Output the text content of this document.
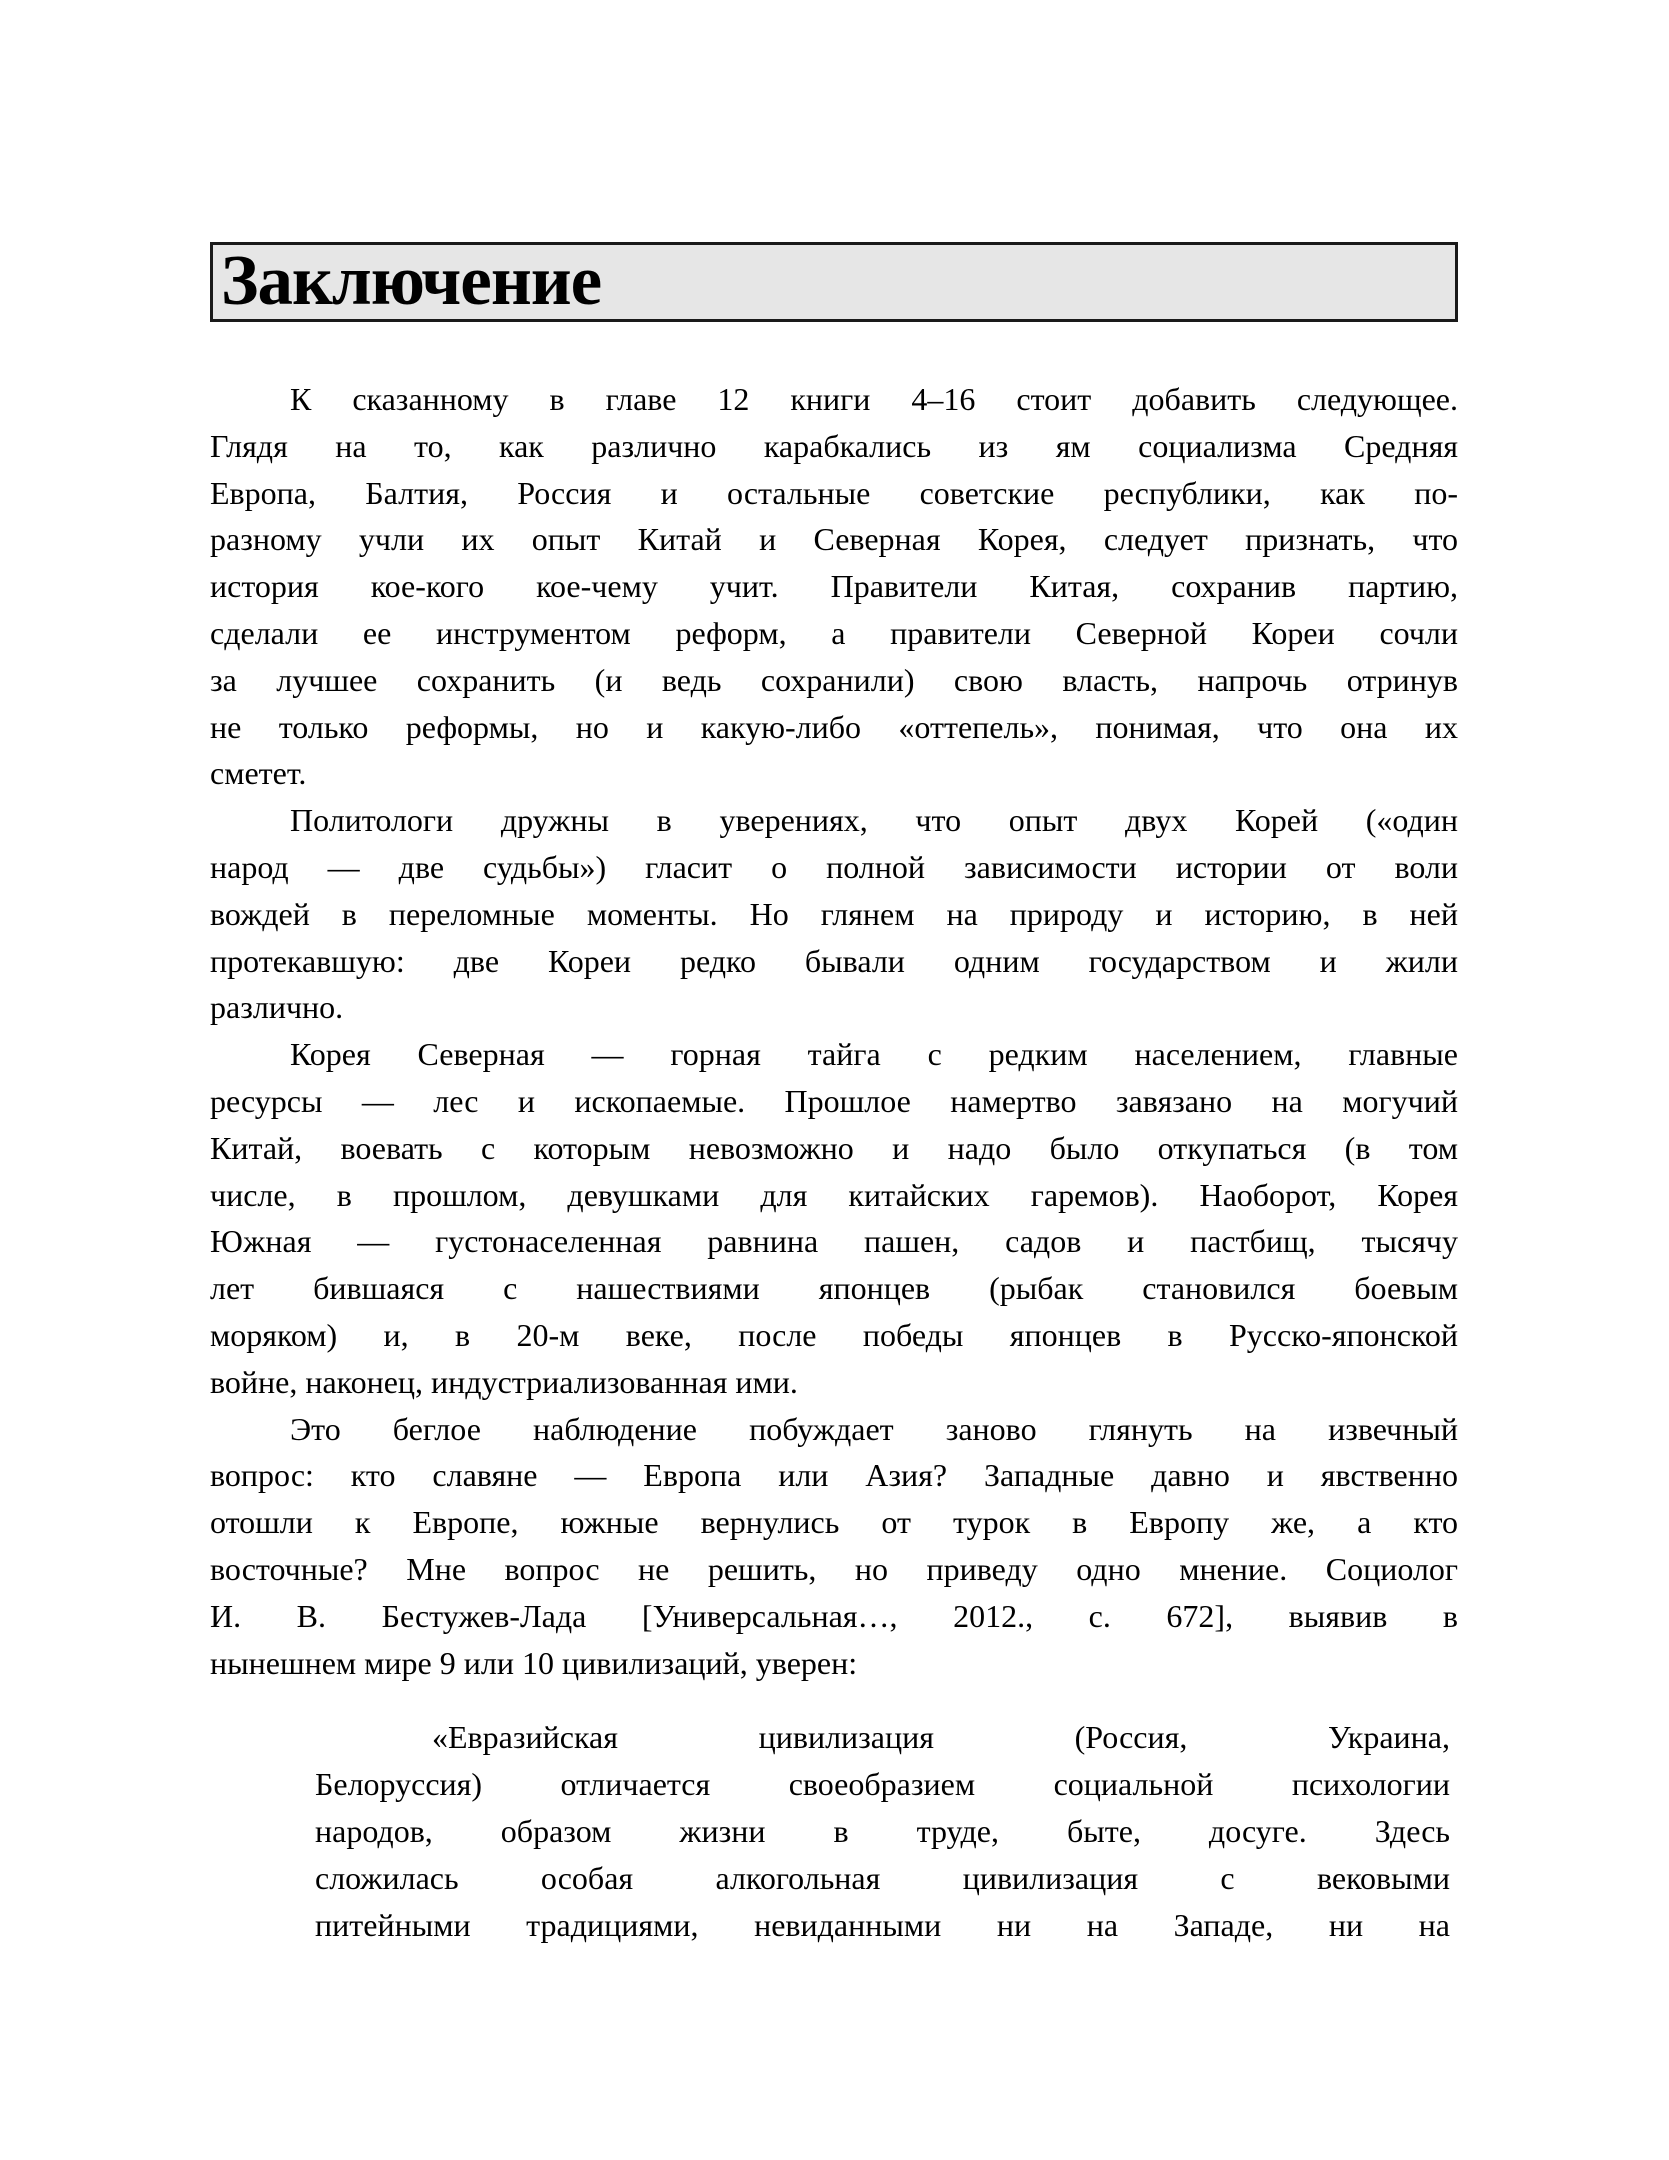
Заключение
К сказанному в главе 12 книги 4–16 стоит добавить следующее.
Глядя на то, как различно карабкались из ям социализма Средняя
Европа, Балтия, Россия и остальные советские республики, как по-
разному учли их опыт Китай и Северная Корея, следует признать, что
история кое-кого кое-чему учит. Правители Китая, сохранив партию,
сделали ее инструментом реформ, а правители Северной Кореи сочли
за лучшее сохранить (и ведь сохранили) свою власть, напрочь отринув
не только реформы, но и какую-либо «оттепель», понимая, что она их
сметет.
Политологи дружны в уверениях, что опыт двух Корей («один
народ — две судьбы») гласит о полной зависимости истории от воли
вождей в переломные моменты. Но глянем на природу и историю, в ней
протекавшую: две Кореи редко бывали одним государством и жили
различно.
Корея Северная — горная тайга с редким населением, главные
ресурсы — лес и ископаемые. Прошлое намертво завязано на могучий
Китай, воевать с которым невозможно и надо было откупаться (в том
числе, в прошлом, девушками для китайских гаремов). Наоборот, Корея
Южная — густонаселенная равнина пашен, садов и пастбищ, тысячу
лет бившаяся с нашествиями японцев (рыбак становился боевым
моряком) и, в 20-м веке, после победы японцев в Русско-японской
войне, наконец, индустриализованная ими.
Это беглое наблюдение побуждает заново глянуть на извечный
вопрос: кто славяне — Европа или Азия? Западные давно и явственно
отошли к Европе, южные вернулись от турок в Европу же, а кто
восточные? Мне вопрос не решить, но приведу одно мнение. Социолог
И. В. Бестужев-Лада [Универсальная…, 2012., с. 672], выявив в
нынешнем мире 9 или 10 цивилизаций, уверен:
«Евразийская цивилизация (Россия, Украина,
Белоруссия) отличается своеобразием социальной психологии
народов, образом жизни в труде, быте, досуге. Здесь
сложилась особая алкогольная цивилизация с вековыми
питейными традициями, невиданными ни на Западе, ни на
